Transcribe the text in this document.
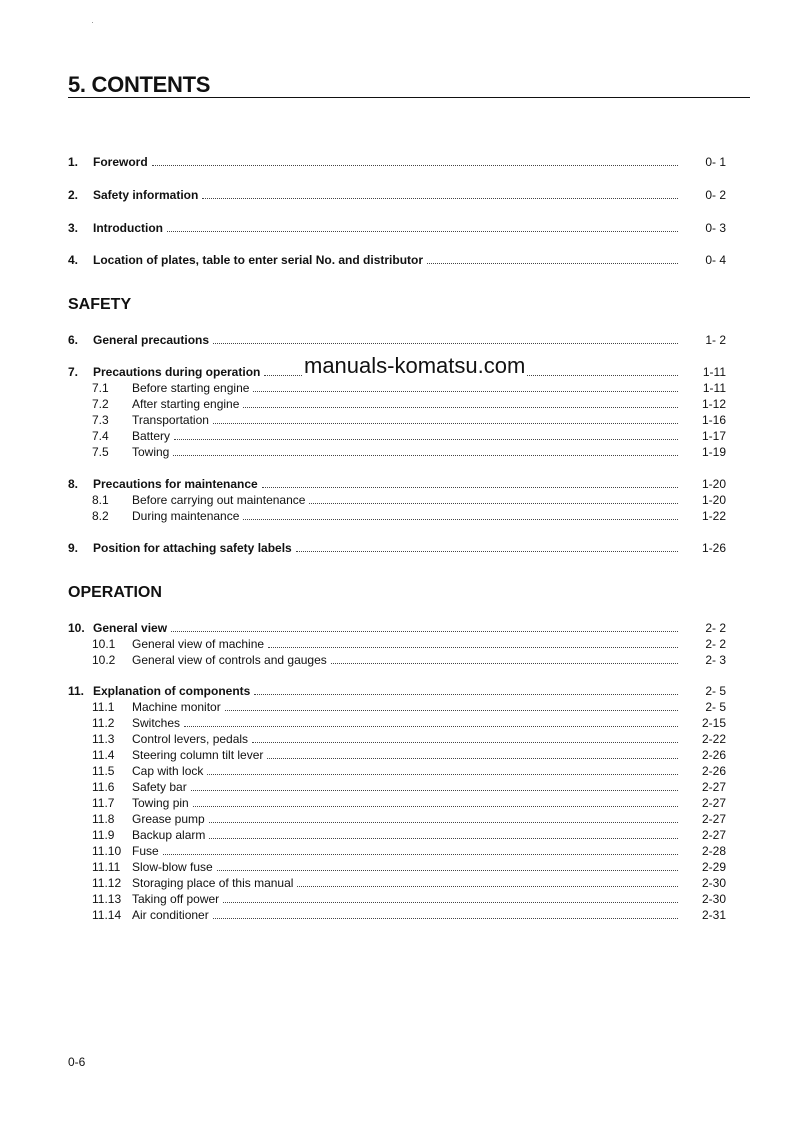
5. CONTENTS
SAFETY
OPERATION
1.	Foreword	0- 1
2.	Safety information	0- 2
3.	Introduction	0- 3
4.	Location of plates, table to enter serial No. and distributor	0- 4
6.	General precautions	1- 2
7.	Precautions during operation	1-11
7.1	Before starting engine	1-11
7.2	After starting engine	1-12
7.3	Transportation	1-16
7.4	Battery	1-17
7.5	Towing	1-19
8.	Precautions for maintenance	1-20
8.1	Before carrying out maintenance	1-20
8.2	During maintenance	1-22
9.	Position for attaching safety labels	1-26
10. General view	2- 2
10.1	General view of machine	2- 2
10.2	General view of controls and gauges	2- 3
11. Explanation of components	2- 5
11.1	Machine monitor	2- 5
11.2	Switches	2-15
11.3	Control levers, pedals	2-22
11.4	Steering column tilt lever	2-26
11.5	Cap with lock	2-26
11.6	Safety bar	2-27
11.7	Towing pin	2-27
11.8	Grease pump	2-27
11.9	Backup alarm	2-27
11.10 Fuse	2-28
11.11 Slow-blow fuse	2-29
11.12 Storaging place of this manual	2-30
11.13 Taking off power	2-30
11.14 Air conditioner	2-31
manuals-komatsu.com
0-6
